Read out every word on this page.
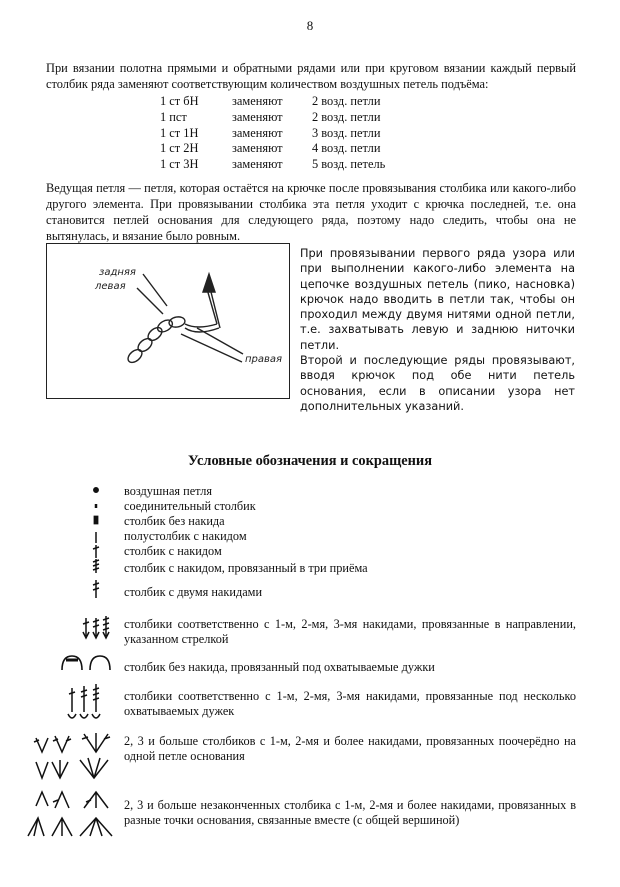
8
При вязании полотна прямыми и обратными рядами или при круговом вязании каждый первый столбик ряда заменяют соответствующим количеством воздушных петель подъёма:
1 ст бН	заменяют	2 возд. петли
1 пст	заменяют	2 возд. петли
1 ст 1Н	заменяют	3 возд. петли
1 ст 2Н	заменяют	4 возд. петли
1 ст 3Н	заменяют	5 возд. петель
Ведущая петля — петля, которая остаётся на крючке после провязывания столбика или какого-либо другого элемента. При провязывании столбика эта петля уходит с крючка последней, т.е. она становится петлей основания для следующего ряда, поэтому надо следить, чтобы она не вытянулась, и вязание было ровным.
задняя
левая
правая
При провязывании первого ряда узора или при выполнении какого-либо элемента на цепочке воздушных петель (пико, насновка) крючок надо вводить в петли так, чтобы он проходил между двумя нитями одной петли, т.е. захватывать левую и заднюю ниточки петли.
Второй и последующие ряды провязывают, вводя крючок под обе нити петель основания, если в описании узора нет дополнительных указаний.
Условные обозначения и сокращения
воздушная петля
соединительный столбик
столбик без накида
полустолбик с накидом
столбик с накидом
столбик с накидом, провязанный в три приёма
столбик с двумя накидами
столбики соответственно с 1-м, 2-мя, 3-мя накидами, провязанные в направлении, указанном стрелкой
столбик без накида, провязанный под охватываемые дужки
столбики соответственно с 1-м, 2-мя, 3-мя накидами, провязанные под несколько охватываемых дужек
2, 3 и больше столбиков с 1-м, 2-мя и более накидами, провязанных поочерёдно на одной петле основания
2, 3 и больше незаконченных столбика с 1-м, 2-мя и более накидами, провязанных в разные точки основания, связанные вместе (с общей вершиной)
